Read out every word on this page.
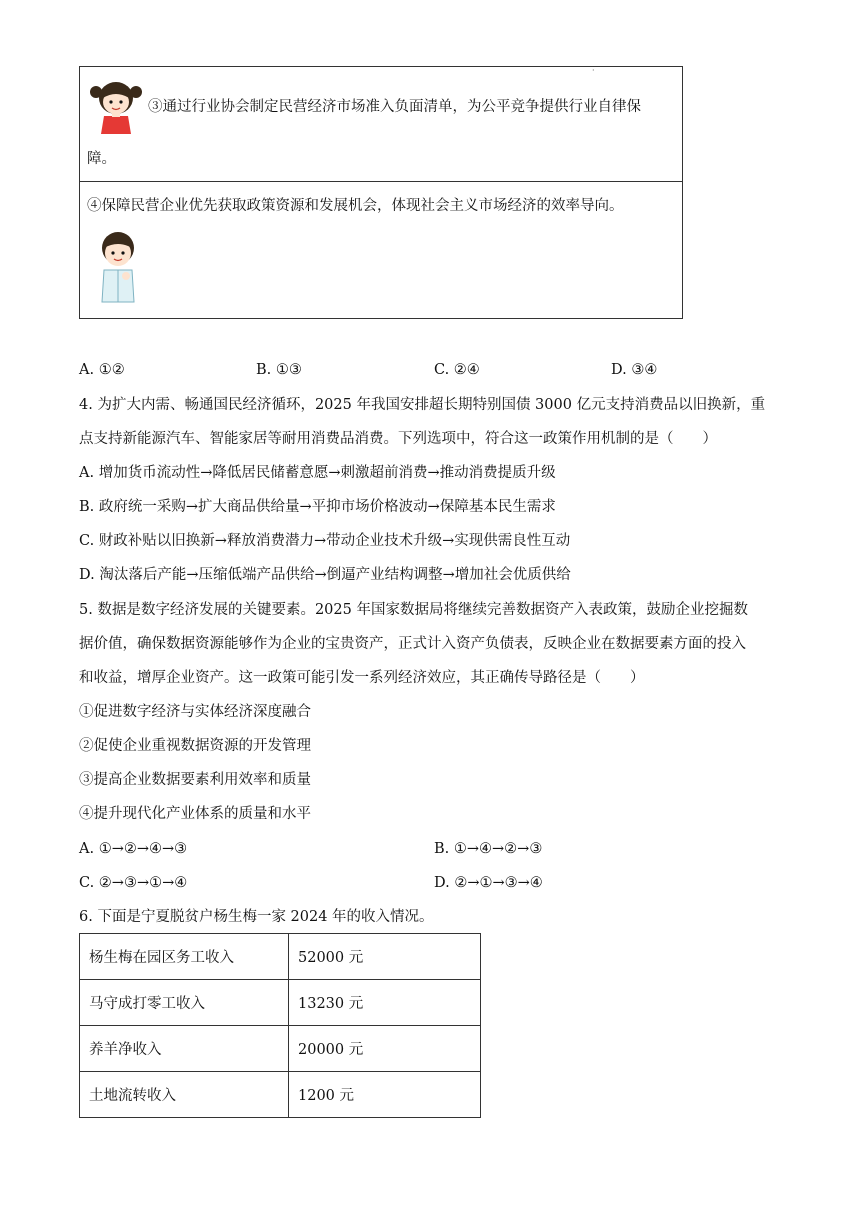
·
③通过行业协会制定民营经济市场准入负面清单，为公平竞争提供行业自律保
障。
④保障民营企业优先获取政策资源和发展机会，体现社会主义市场经济的效率导向。
A. ①②	B. ①③	C. ②④	D. ③④
4. 为扩大内需、畅通国民经济循环，2025 年我国安排超长期特别国债 3000 亿元支持消费品以旧换新，重
点支持新能源汽车、智能家居等耐用消费品消费。下列选项中，符合这一政策作用机制的是（　　）
A. 增加货币流动性→降低居民储蓄意愿→刺激超前消费→推动消费提质升级
B. 政府统一采购→扩大商品供给量→平抑市场价格波动→保障基本民生需求
C. 财政补贴以旧换新→释放消费潜力→带动企业技术升级→实现供需良性互动
D. 淘汰落后产能→压缩低端产品供给→倒逼产业结构调整→增加社会优质供给
5. 数据是数字经济发展的关键要素。2025 年国家数据局将继续完善数据资产入表政策，鼓励企业挖掘数
据价值，确保数据资源能够作为企业的宝贵资产，正式计入资产负债表，反映企业在数据要素方面的投入
和收益，增厚企业资产。这一政策可能引发一系列经济效应，其正确传导路径是（　　）
①促进数字经济与实体经济深度融合
②促使企业重视数据资源的开发管理
③提高企业数据要素利用效率和质量
④提升现代化产业体系的质量和水平
A. ①→②→④→③	B. ①→④→②→③
C. ②→③→①→④	D. ②→①→③→④
6. 下面是宁夏脱贫户杨生梅一家 2024 年的收入情况。
杨生梅在园区务工收入	52000 元
马守成打零工收入	13230 元
养羊净收入	20000 元
土地流转收入	1200 元
